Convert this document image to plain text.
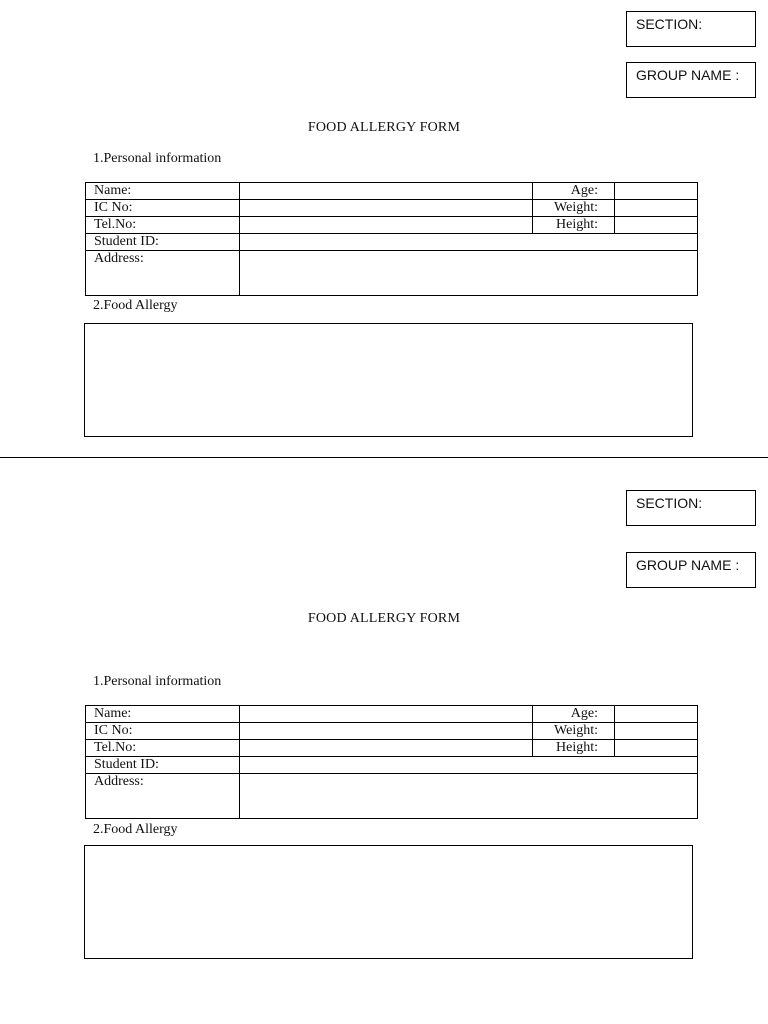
SECTION:
GROUP NAME :
FOOD ALLERGY FORM
1.Personal information
Name:		Age:	
IC No:		Weight:	
Tel.No:		Height:	
Student ID:			
Address:			
2.Food Allergy
SECTION:
GROUP NAME :
FOOD ALLERGY FORM
1.Personal information
Name:		Age:	
IC No:		Weight:	
Tel.No:		Height:	
Student ID:			
Address:			
2.Food Allergy
